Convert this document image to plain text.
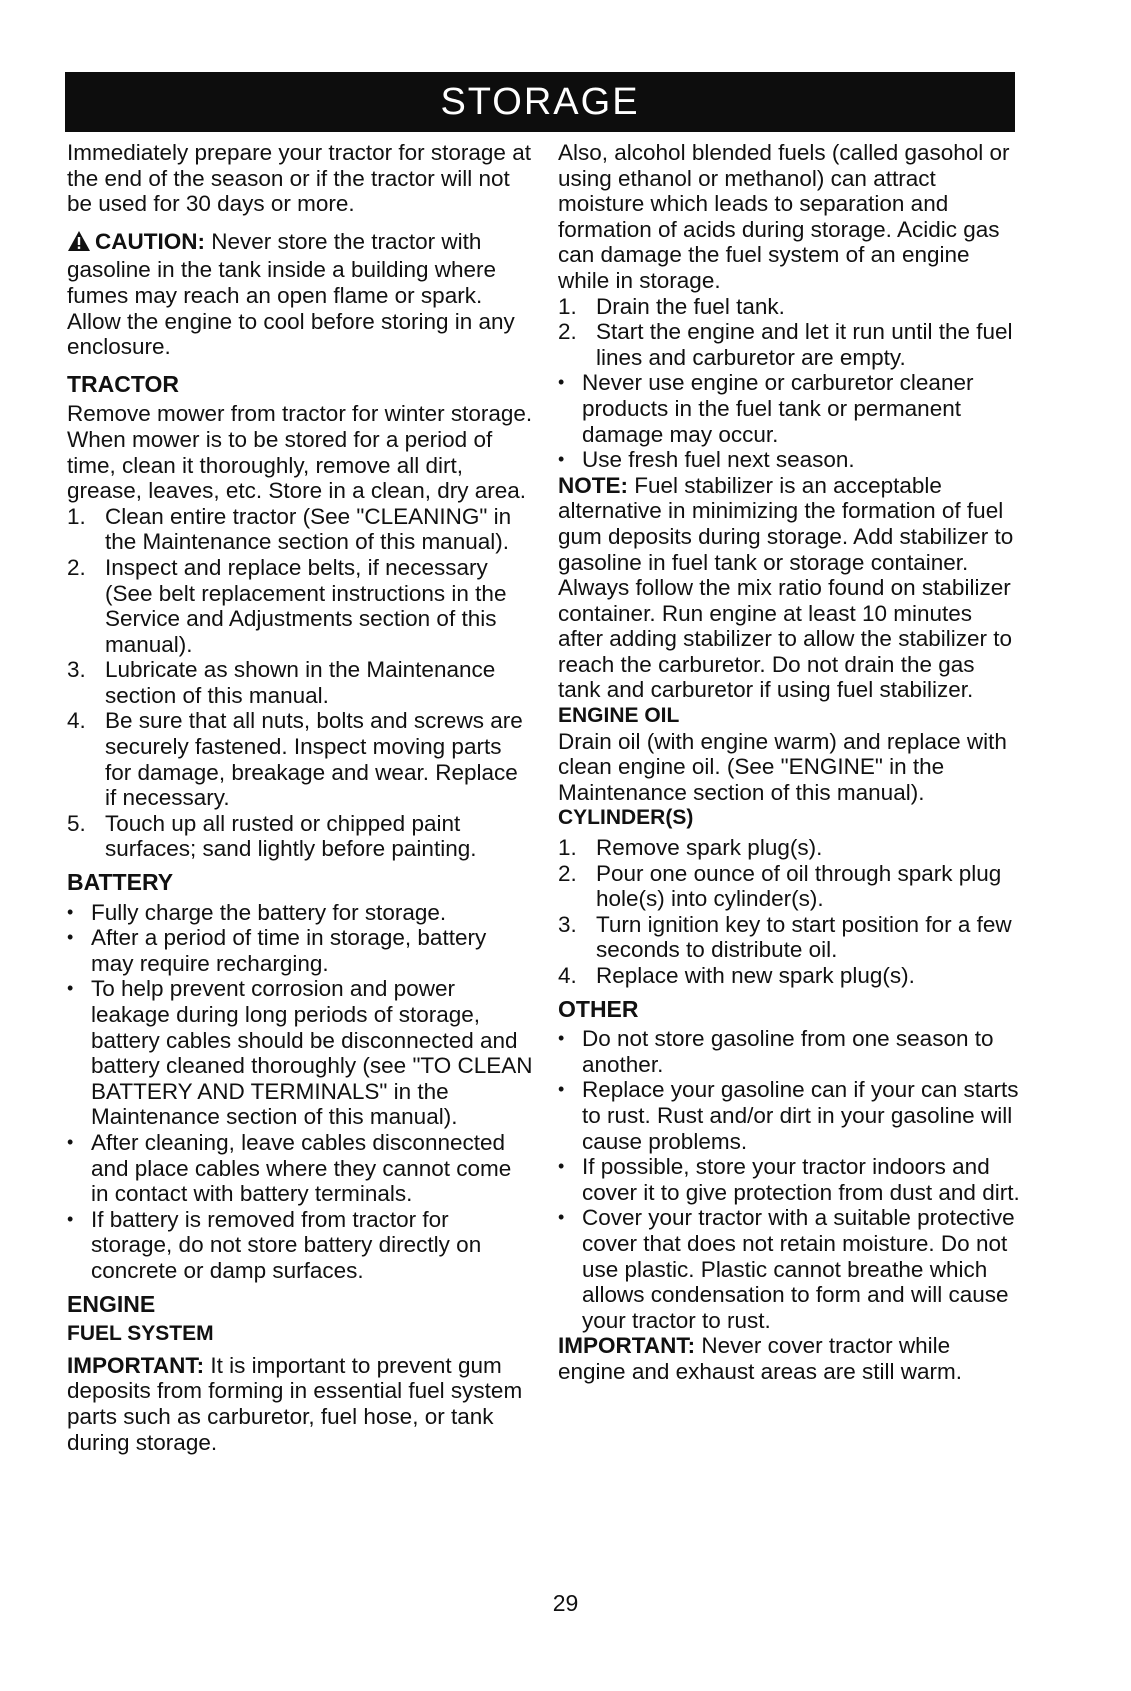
STORAGE

Immediately prepare your tractor for storage at the end of the season or if the tractor will not be used for 30 days or more.

CAUTION: Never store the tractor with gasoline in the tank inside a building where fumes may reach an open flame or spark. Allow the engine to cool before storing in any enclosure.

TRACTOR

Remove mower from tractor for winter storage. When mower is to be stored for a period of time, clean it thoroughly, remove all dirt, grease, leaves, etc. Store in a clean, dry area.

1. Clean entire tractor (See "CLEANING" in the Maintenance section of this manual).
2. Inspect and replace belts, if necessary (See belt replacement instructions in the Service and Adjustments section of this manual).
3. Lubricate as shown in the Maintenance section of this manual.
4. Be sure that all nuts, bolts and screws are securely fastened. Inspect moving parts for damage, breakage and wear. Replace if necessary.
5. Touch up all rusted or chipped paint surfaces; sand lightly before painting.
BATTERY
• Fully charge the battery for storage.
• After a period of time in storage, battery may require recharging.
• To help prevent corrosion and power leakage during long periods of storage, battery cables should be disconnected and battery cleaned thoroughly (see "TO CLEAN BATTERY AND TERMINALS" in the Maintenance section of this manual).
• After cleaning, leave cables disconnected and place cables where they cannot come in contact with battery terminals.
• If battery is removed from tractor for storage, do not store battery directly on concrete or damp surfaces.
ENGINE
FUEL SYSTEM

IMPORTANT: It is important to prevent gum deposits from forming in essential fuel system parts such as carburetor, fuel hose, or tank during storage.

Also, alcohol blended fuels (called gasohol or using ethanol or methanol) can attract moisture which leads to separation and formation of acids during storage. Acidic gas can damage the fuel system of an engine while in storage.

1. Drain the fuel tank.
2. Start the engine and let it run until the fuel lines and carburetor are empty.
• Never use engine or carburetor cleaner products in the fuel tank or permanent damage may occur.
• Use fresh fuel next season.

NOTE: Fuel stabilizer is an acceptable alternative in minimizing the formation of fuel gum deposits during storage. Add stabilizer to gasoline in fuel tank or storage container. Always follow the mix ratio found on stabilizer container. Run engine at least 10 minutes after adding stabilizer to allow the stabilizer to reach the carburetor. Do not drain the gas tank and carburetor if using fuel stabilizer.

ENGINE OIL

Drain oil (with engine warm) and replace with clean engine oil. (See "ENGINE" in the Maintenance section of this manual).

CYLINDER(S)
1. Remove spark plug(s).
2. Pour one ounce of oil through spark plug hole(s) into cylinder(s).
3. Turn ignition key to start position for a few seconds to distribute oil.
4. Replace with new spark plug(s).
OTHER
• Do not store gasoline from one season to another.
• Replace your gasoline can if your can starts to rust. Rust and/or dirt in your gasoline will cause problems.
• If possible, store your tractor indoors and cover it to give protection from dust and dirt.
• Cover your tractor with a suitable protective cover that does not retain moisture. Do not use plastic. Plastic cannot breathe which allows condensation to form and will cause your tractor to rust.

IMPORTANT: Never cover tractor while engine and exhaust areas are still warm.

29
